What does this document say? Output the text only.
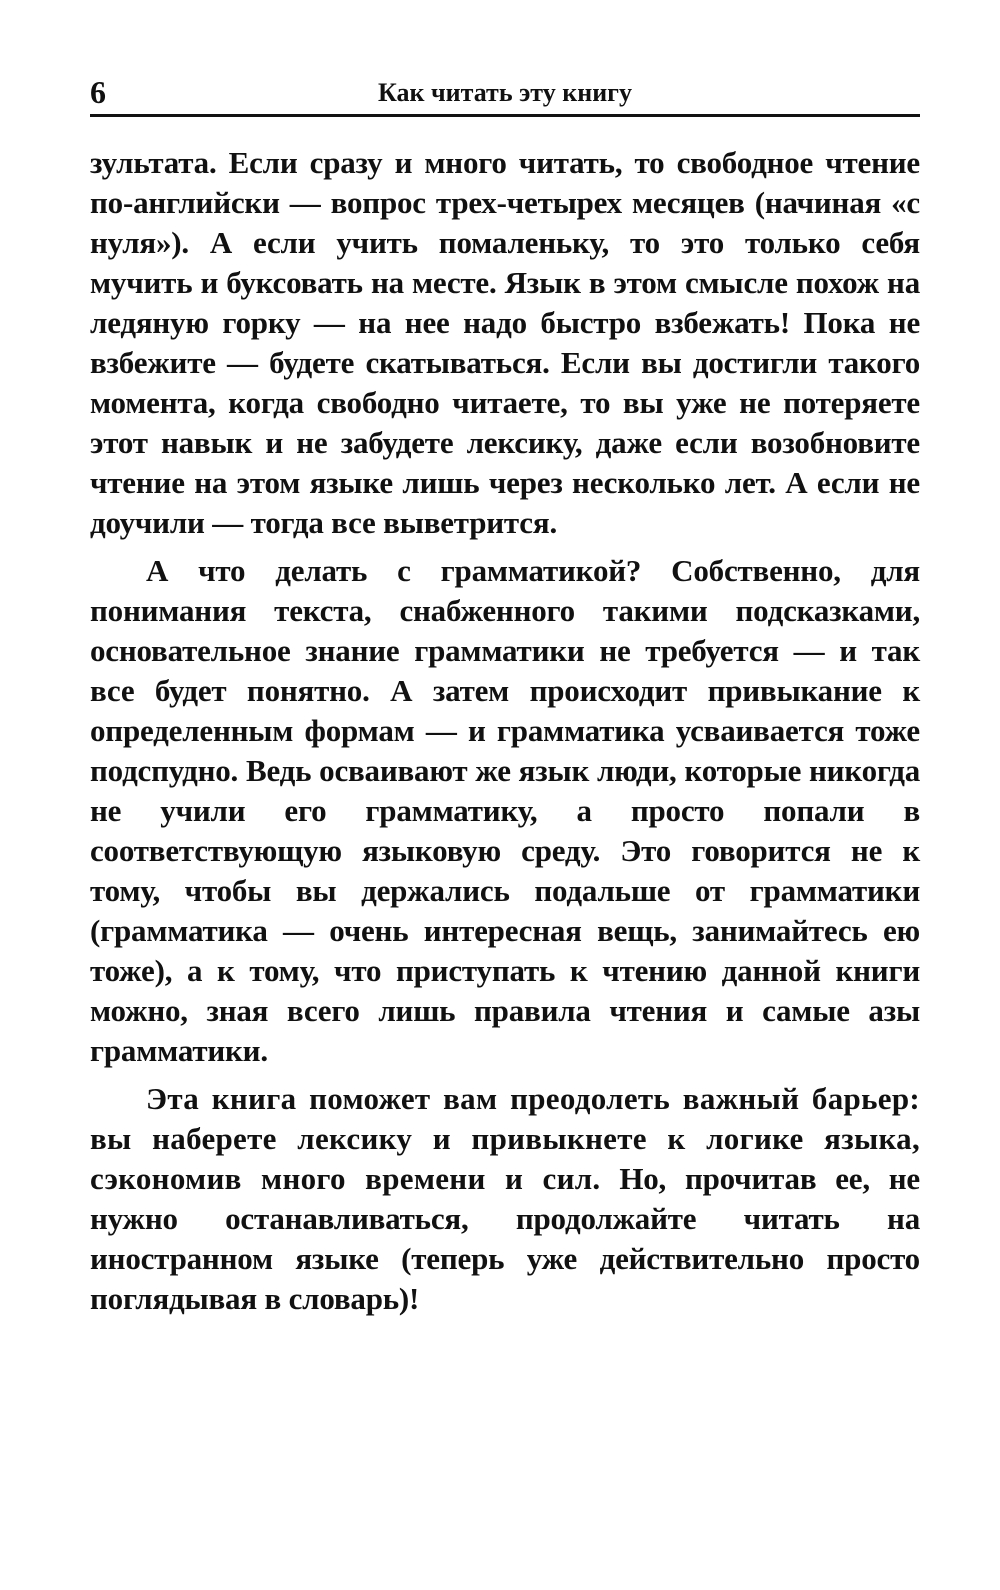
6	Как читать эту книгу

зультата. Если сразу и много читать, то свободное чтение по-английски — вопрос трех-четырех месяцев (начиная «с нуля»). А если учить помаленьку, то это только себя мучить и буксовать на месте. Язык в этом смысле похож на ледяную горку — на нее надо быстро взбежать! Пока не взбежите — будете скатываться. Если вы достигли такого момента, когда свободно читаете, то вы уже не потеряете этот навык и не забудете лексику, даже если возобновите чтение на этом языке лишь через несколько лет. А если не доучили — тогда все выветрится.

А что делать с грамматикой? Собственно, для понимания текста, снабженного такими подсказками, основательное знание грамматики не требуется — и так все будет понятно. А затем происходит привыкание к определенным формам — и грамматика усваивается тоже подспудно. Ведь осваивают же язык люди, которые никогда не учили его грамматику, а просто попали в соответствующую языковую среду. Это говорится не к тому, чтобы вы держались подальше от грамматики (грамматика — очень интересная вещь, занимайтесь ею тоже), а к тому, что приступать к чтению данной книги можно, зная всего лишь правила чтения и самые азы грамматики.

Эта книга поможет вам преодолеть важный барьер: вы наберете лексику и привыкнете к логике языка, сэкономив много времени и сил. Но, прочитав ее, не нужно останавливаться, продолжайте читать на иностранном языке (теперь уже действительно просто поглядывая в словарь)!
